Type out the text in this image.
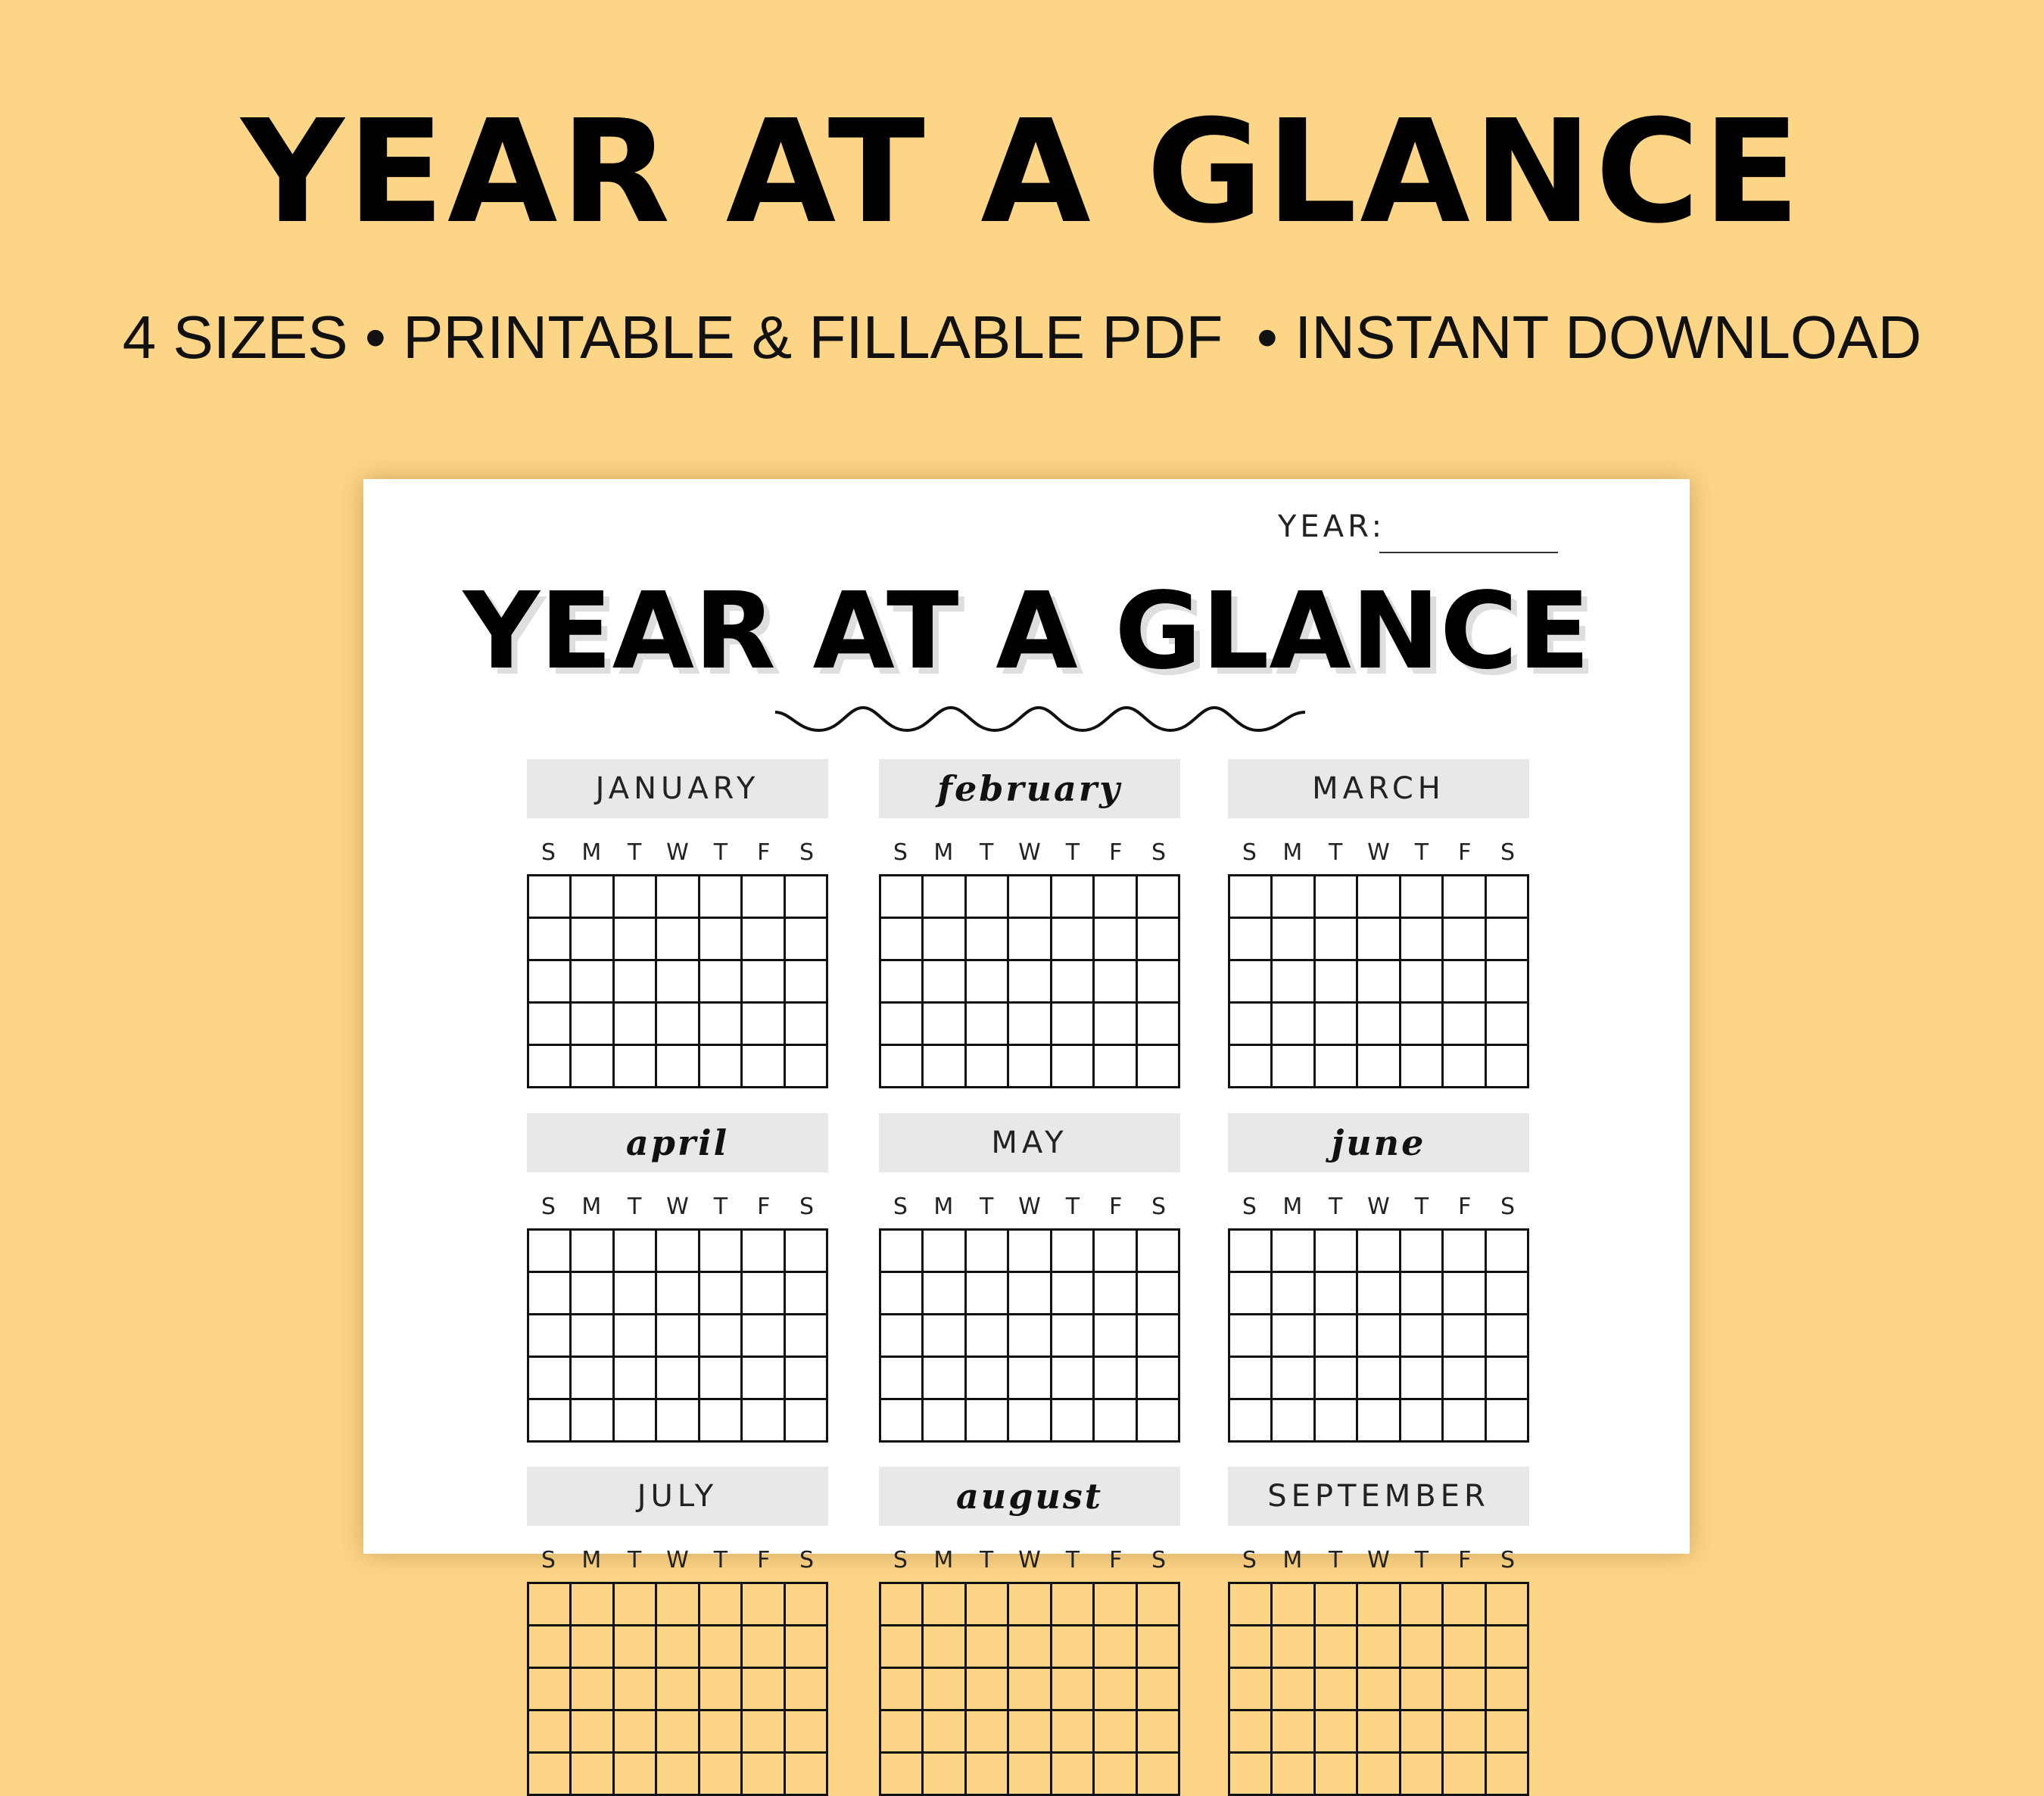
YEAR AT A GLANCE
4 SIZES • PRINTABLE & FILLABLE PDF  • INSTANT DOWNLOAD
YEAR:
YEAR AT A GLANCE
JANUARY
S	M	T	W	T	F	S
february
S	M	T	W	T	F	S
MARCH
S	M	T	W	T	F	S
april
S	M	T	W	T	F	S
MAY
S	M	T	W	T	F	S
june
S	M	T	W	T	F	S
JULY
S	M	T	W	T	F	S
august
S	M	T	W	T	F	S
SEPTEMBER
S	M	T	W	T	F	S
